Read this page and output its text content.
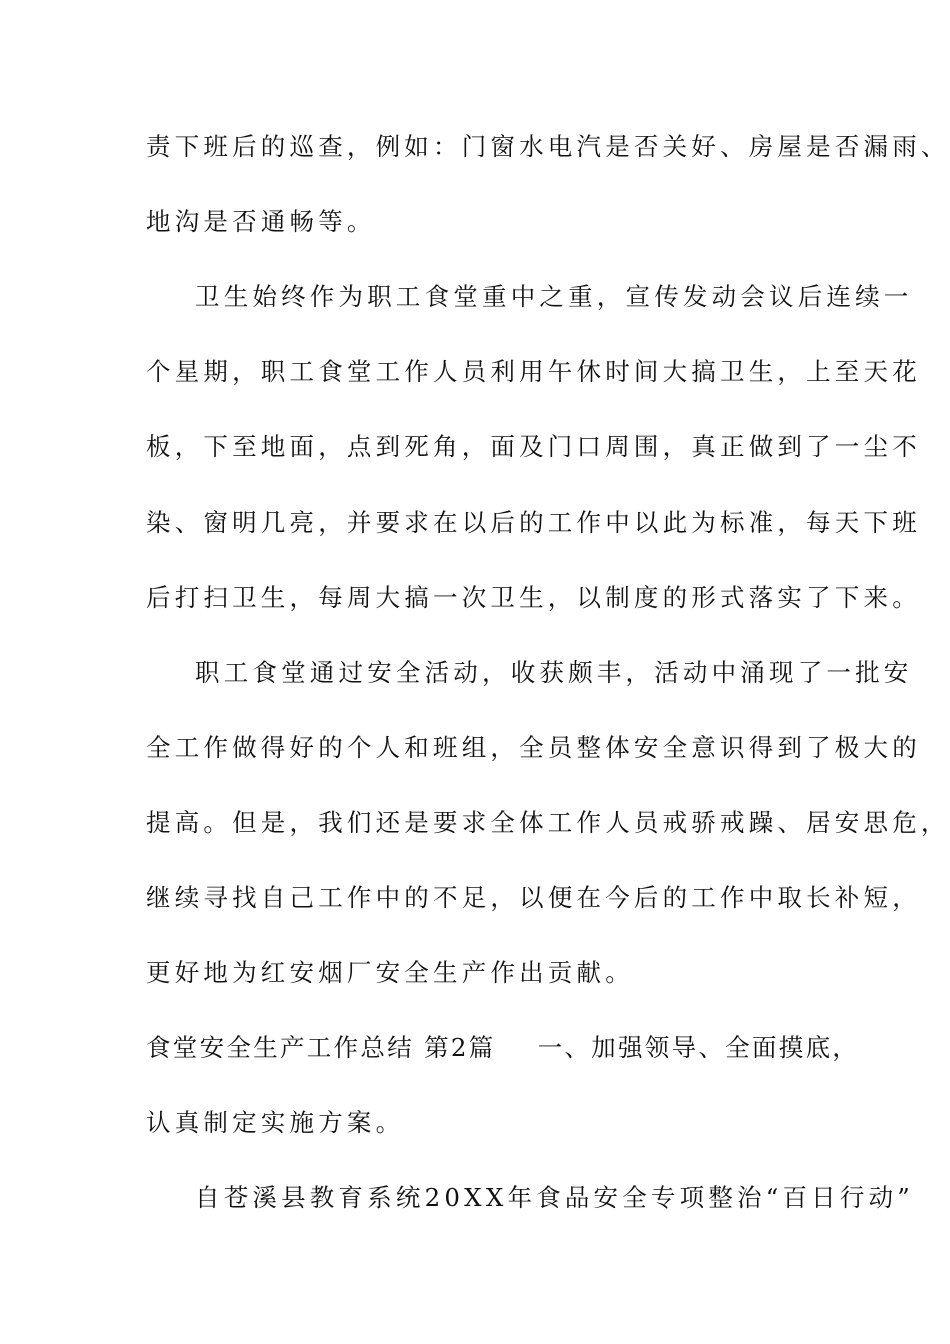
责下班后的巡查，例如：门窗水电汽是否关好、房屋是否漏雨、
地沟是否通畅等。
卫生始终作为职工食堂重中之重，宣传发动会议后连续一
个星期，职工食堂工作人员利用午休时间大搞卫生，上至天花
板，下至地面，点到死角，面及门口周围，真正做到了一尘不
染、窗明几亮，并要求在以后的工作中以此为标准，每天下班
后打扫卫生，每周大搞一次卫生，以制度的形式落实了下来。
职工食堂通过安全活动，收获颇丰，活动中涌现了一批安
全工作做得好的个人和班组，全员整体安全意识得到了极大的
提高。但是，我们还是要求全体工作人员戒骄戒躁、居安思危，
继续寻找自己工作中的不足，以便在今后的工作中取长补短，
更好地为红安烟厂安全生产作出贡献。
食堂安全生产工作总结 第2篇 一、加强领导、全面摸底，
认真制定实施方案。
自苍溪县教育系统20XX年食品安全专项整治“百日行动”
